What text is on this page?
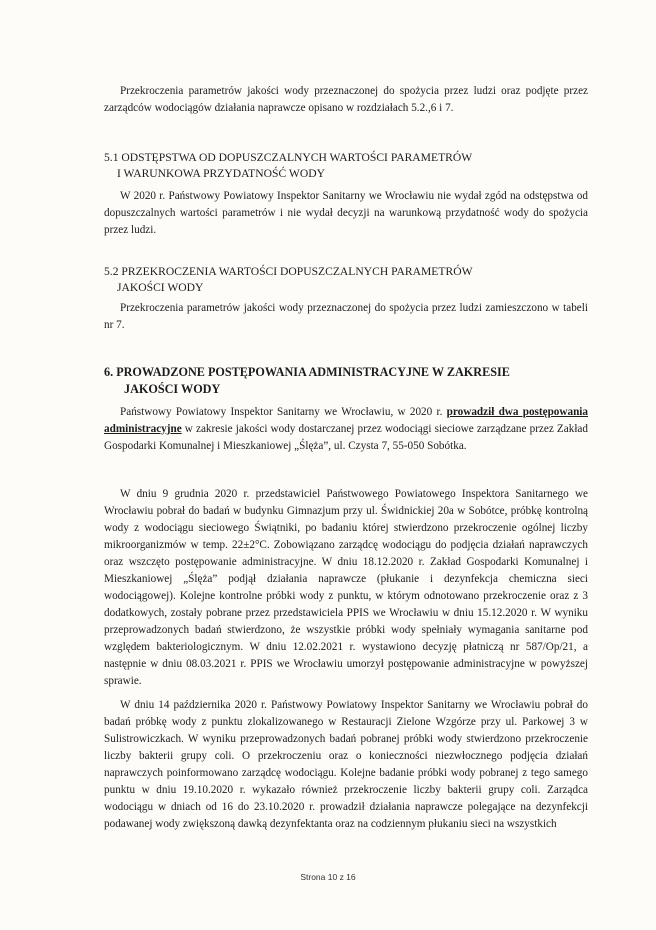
Przekroczenia parametrów jakości wody przeznaczonej do spożycia przez ludzi oraz podjęte przez zarządców wodociągów działania naprawcze opisano w rozdziałach 5.2.,6 i 7.

5.1 ODSTĘPSTWA OD DOPUSZCZALNYCH WARTOŚCI PARAMETRÓW
I WARUNKOWA PRZYDATNOŚĆ WODY

W 2020 r. Państwowy Powiatowy Inspektor Sanitarny we Wrocławiu nie wydał zgód na odstępstwa od dopuszczalnych wartości parametrów i nie wydał decyzji na warunkową przydatność wody do spożycia przez ludzi.

5.2 PRZEKROCZENIA WARTOŚCI DOPUSZCZALNYCH PARAMETRÓW
JAKOŚCI WODY

Przekroczenia parametrów jakości wody przeznaczonej do spożycia przez ludzi zamieszczono w tabeli nr 7.

6. PROWADZONE POSTĘPOWANIA ADMINISTRACYJNE W ZAKRESIE
JAKOŚCI WODY

Państwowy Powiatowy Inspektor Sanitarny we Wrocławiu, w 2020 r. prowadził dwa postępowania administracyjne w zakresie jakości wody dostarczanej przez wodociągi sieciowe zarządzane przez Zakład Gospodarki Komunalnej i Mieszkaniowej „Ślęża”, ul. Czysta 7, 55-050 Sobótka.

W dniu 9 grudnia 2020 r. przedstawiciel Państwowego Powiatowego Inspektora Sanitarnego we Wrocławiu pobrał do badań w budynku Gimnazjum przy ul. Świdnickiej 20a w Sobótce, próbkę kontrolną wody z wodociągu sieciowego Świątniki, po badaniu której stwierdzono przekroczenie ogólnej liczby mikroorganizmów w temp. 22±2°C. Zobowiązano zarządcę wodociągu do podjęcia działań naprawczych oraz wszczęto postępowanie administracyjne. W dniu 18.12.2020 r. Zakład Gospodarki Komunalnej i Mieszkaniowej „Ślęża” podjął działania naprawcze (płukanie i dezynfekcja chemiczna sieci wodociągowej). Kolejne kontrolne próbki wody z punktu, w którym odnotowano przekroczenie oraz z 3 dodatkowych, zostały pobrane przez przedstawiciela PPIS we Wrocławiu w dniu 15.12.2020 r. W wyniku przeprowadzonych badań stwierdzono, że wszystkie próbki wody spełniały wymagania sanitarne pod względem bakteriologicznym. W dniu 12.02.2021 r. wystawiono decyzję płatniczą nr 587/Op/21, a następnie w dniu 08.03.2021 r. PPIS we Wrocławiu umorzył postępowanie administracyjne w powyższej sprawie.

W dniu 14 października 2020 r. Państwowy Powiatowy Inspektor Sanitarny we Wrocławiu pobrał do badań próbkę wody z punktu zlokalizowanego w Restauracji Zielone Wzgórze przy ul. Parkowej 3 w Sulistrowiczkach. W wyniku przeprowadzonych badań pobranej próbki wody stwierdzono przekroczenie liczby bakterii grupy coli. O przekroczeniu oraz o konieczności niezwłocznego podjęcia działań naprawczych poinformowano zarządcę wodociągu. Kolejne badanie próbki wody pobranej z tego samego punktu w dniu 19.10.2020 r. wykazało również przekroczenie liczby bakterii grupy coli. Zarządca wodociągu w dniach od 16 do 23.10.2020 r. prowadził działania naprawcze polegające na dezynfekcji podawanej wody zwiększoną dawką dezynfektanta oraz na codziennym płukaniu sieci na wszystkich

Strona 10 z 16
